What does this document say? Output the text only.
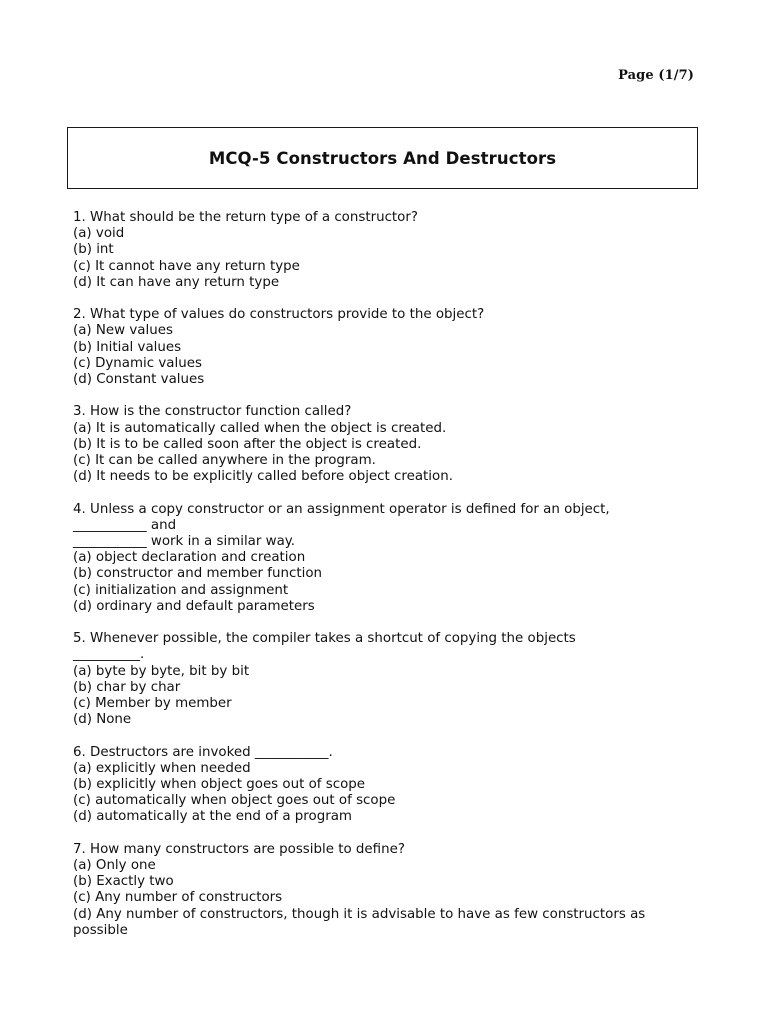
Page (1/7)
MCQ-5 Constructors And Destructors
1. What should be the return type of a constructor?
(a) void
(b) int
(c) It cannot have any return type
(d) It can have any return type
2. What type of values do constructors provide to the object?
(a) New values
(b) Initial values
(c) Dynamic values
(d) Constant values
3. How is the constructor function called?
(a) It is automatically called when the object is created.
(b) It is to be called soon after the object is created.
(c) It can be called anywhere in the program.
(d) It needs to be explicitly called before object creation.
4. Unless a copy constructor or an assignment operator is defined for an object,
___________ and
___________ work in a similar way.
(a) object declaration and creation
(b) constructor and member function
(c) initialization and assignment
(d) ordinary and default parameters
5. Whenever possible, the compiler takes a shortcut of copying the objects
__________.
(a) byte by byte, bit by bit
(b) char by char
(c) Member by member
(d) None
6. Destructors are invoked ___________.
(a) explicitly when needed
(b) explicitly when object goes out of scope
(c) automatically when object goes out of scope
(d) automatically at the end of a program
7. How many constructors are possible to define?
(a) Only one
(b) Exactly two
(c) Any number of constructors
(d) Any number of constructors, though it is advisable to have as few constructors as
possible
